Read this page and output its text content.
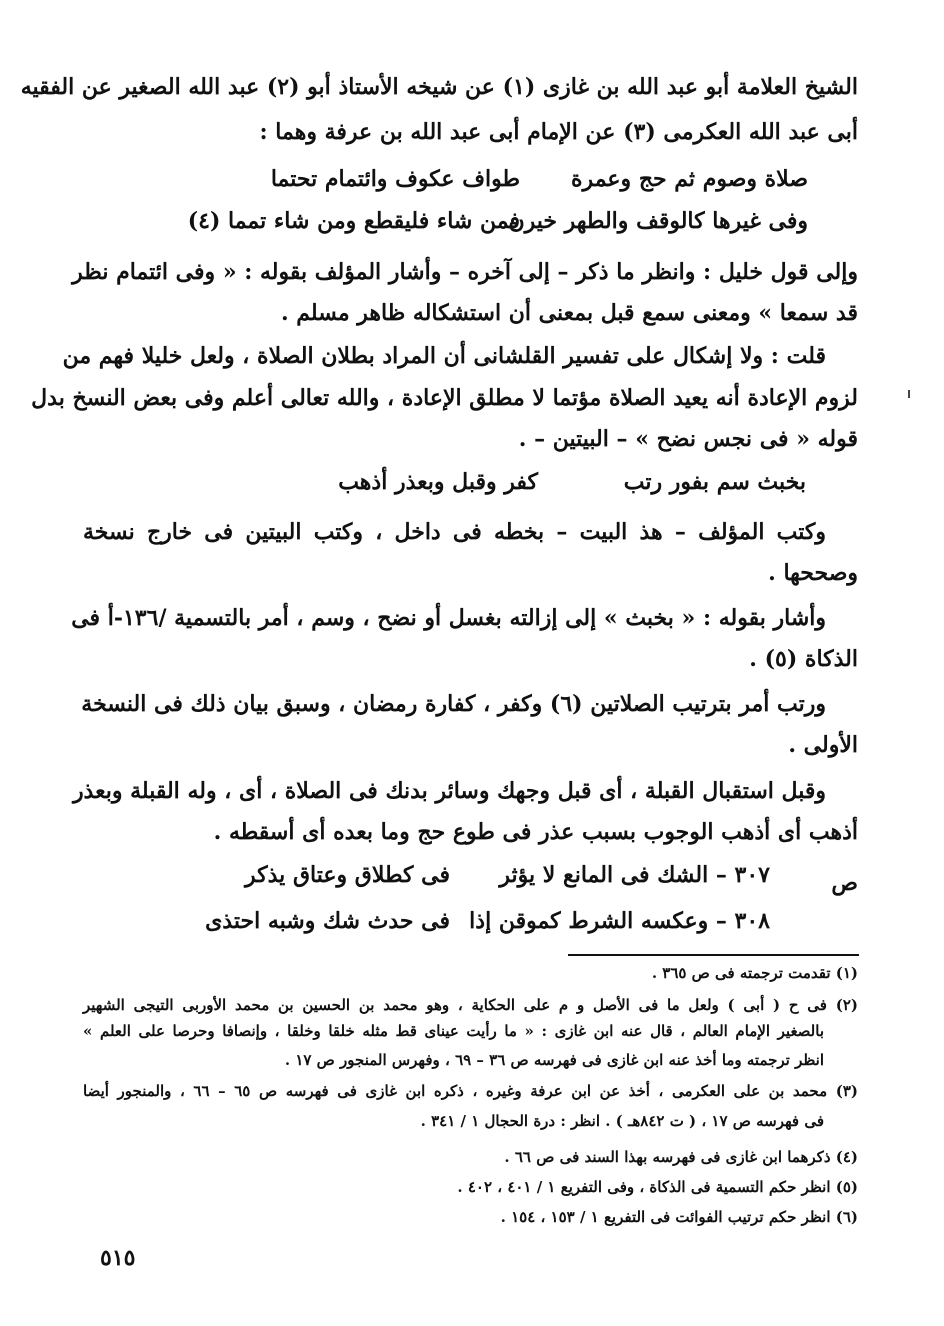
الشيخ العلامة أبو عبد الله بن غازى (١) عن شيخه الأستاذ أبو (٢) عبد الله الصغير عن الفقيه
أبى عبد الله العكرمى (٣) عن الإمام أبى عبد الله بن عرفة وهما :
صلاة وصوم ثم حج وعمرة
طواف عكوف وائتمام تحتما
وفى غيرها كالوقف والطهر خيرن
فمن شاء فليقطع ومن شاء تمما (٤)
وإلى قول خليل : وانظر ما ذكر – إلى آخره – وأشار المؤلف بقوله : « وفى ائتمام نظر
قد سمعا » ومعنى سمع قبل بمعنى أن استشكاله ظاهر مسلم .
قلت : ولا إشكال على تفسير القلشانى أن المراد بطلان الصلاة ، ولعل خليلا فهم من
لزوم الإعادة أنه يعيد الصلاة مؤتما لا مطلق الإعادة ، والله تعالى أعلم وفى بعض النسخ بدل
قوله « فى نجس نضح » – البيتين – .
بخبث سم بفور رتب
كفر وقبل وبعذر أذهب
وكتب المؤلف – هذ البيت – بخطه فى داخل ، وكتب البيتين فى خارج نسخة
وصححها .
وأشار بقوله : « بخبث » إلى إزالته بغسل أو نضح ، وسم ، أمر بالتسمية /١٣٦-أ فى
الذكاة (٥) .
ورتب أمر بترتيب الصلاتين (٦) وكفر ، كفارة رمضان ، وسبق بيان ذلك فى النسخة
الأولى .
وقبل استقبال القبلة ، أى قبل وجهك وسائر بدنك فى الصلاة ، أى ، وله القبلة وبعذر
أذهب أى أذهب الوجوب بسبب عذر فى طوع حج وما بعده أى أسقطه .
ص
٣٠٧ – الشك فى المانع لا يؤثر
فى كطلاق وعتاق يذكر
٣٠٨ – وعكسه الشرط كموقن إذا
فى حدث شك وشبه احتذى
(١) تقدمت ترجمته فى ص ٣٦٥ .
(٢) فى ح ( أبى ) ولعل ما فى الأصل و م على الحكاية ، وهو محمد بن الحسين بن محمد الأوربى التيجى الشهير
بالصغير الإمام العالم ، قال عنه ابن غازى : « ما رأيت عيناى قط مثله خلقا وخلقا ، وإنصافا وحرصا على العلم »
انظر ترجمته وما أخذ عنه ابن غازى فى فهرسه ص ٣٦ – ٦٩ ، وفهرس المنجور ص ١٧ .
(٣) محمد بن على العكرمى ، أخذ عن ابن عرفة وغيره ، ذكره ابن غازى فى فهرسه ص ٦٥ – ٦٦ ، والمنجور أيضا
فى فهرسه ص ١٧ ، ( ت ٨٤٢هـ ) . انظر : درة الحجال ١ / ٣٤١ .
(٤) ذكرهما ابن غازى فى فهرسه بهذا السند فى ص ٦٦ .
(٥) انظر حكم التسمية فى الذكاة ، وفى التفريع ١ / ٤٠١ ، ٤٠٢ .
(٦) انظر حكم ترتيب الفوائت فى التفريع ١ / ١٥٣ ، ١٥٤ .
٥١٥
